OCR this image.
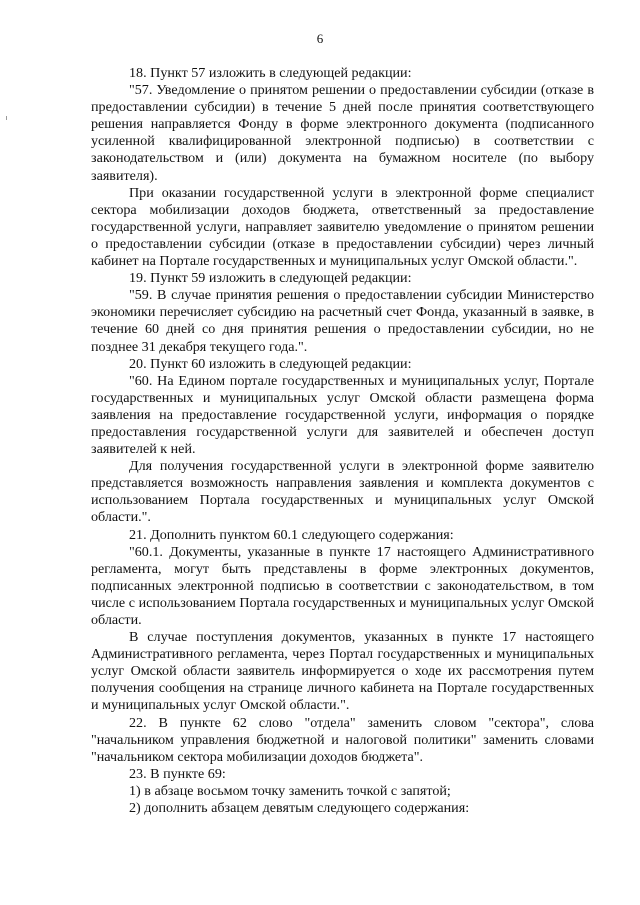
6

18. Пункт 57 изложить в следующей редакции:

"57. Уведомление о принятом решении о предоставлении субсидии (отказе в предоставлении субсидии) в течение 5 дней после принятия соответствующего решения направляется Фонду в форме электронного документа (подписанного усиленной квалифицированной электронной подписью) в соответствии с законодательством и (или) документа на бумажном носителе (по выбору заявителя).

При оказании государственной услуги в электронной форме специалист сектора мобилизации доходов бюджета, ответственный за предоставление государственной услуги, направляет заявителю уведомление о принятом решении о предоставлении субсидии (отказе в предоставлении субсидии) через личный кабинет на Портале государственных и муниципальных услуг Омской области.".

19. Пункт 59 изложить в следующей редакции:

"59. В случае принятия решения о предоставлении субсидии Министерство экономики перечисляет субсидию на расчетный счет Фонда, указанный в заявке, в течение 60 дней со дня принятия решения о предоставлении субсидии, но не позднее 31 декабря текущего года.".

20. Пункт 60 изложить в следующей редакции:

"60. На Едином портале государственных и муниципальных услуг, Портале государственных и муниципальных услуг Омской области размещена форма заявления на предоставление государственной услуги, информация о порядке предоставления государственной услуги для заявителей и обеспечен доступ заявителей к ней.

Для получения государственной услуги в электронной форме заявителю представляется возможность направления заявления и комплекта документов с использованием Портала государственных и муниципальных услуг Омской области.".

21. Дополнить пунктом 60.1 следующего содержания:

"60.1. Документы, указанные в пункте 17 настоящего Административного регламента, могут быть представлены в форме электронных документов, подписанных электронной подписью в соответствии с законодательством, в том числе с использованием Портала государственных и муниципальных услуг Омской области.

В случае поступления документов, указанных в пункте 17 настоящего Административного регламента, через Портал государственных и муниципальных услуг Омской области заявитель информируется о ходе их рассмотрения путем получения сообщения на странице личного кабинета на Портале государственных и муниципальных услуг Омской области.".

22. В пункте 62 слово "отдела" заменить словом "сектора", слова "начальником управления бюджетной и налоговой политики" заменить словами "начальником сектора мобилизации доходов бюджета".

23. В пункте 69:

1) в абзаце восьмом точку заменить точкой с запятой;

2) дополнить абзацем девятым следующего содержания:
